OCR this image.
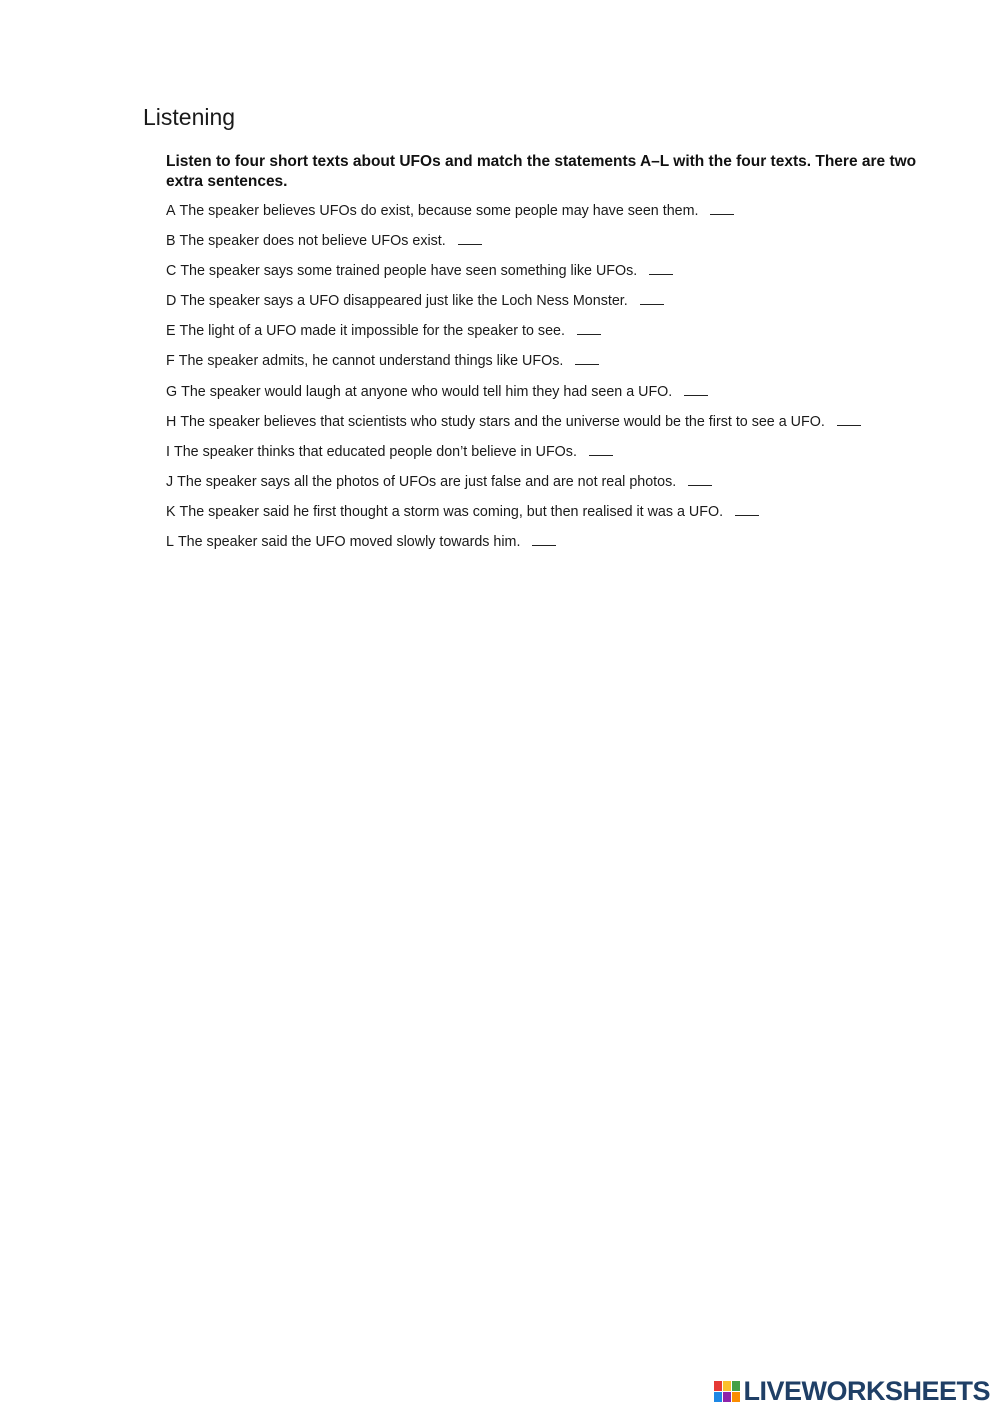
Listening

Listen to four short texts about UFOs and match the statements A–L with the four texts. There are two extra sentences.

A The speaker believes UFOs do exist, because some people may have seen them.
B The speaker does not believe UFOs exist.
C The speaker says some trained people have seen something like UFOs.
D The speaker says a UFO disappeared just like the Loch Ness Monster.
E The light of a UFO made it impossible for the speaker to see.
F The speaker admits, he cannot understand things like UFOs.
G The speaker would laugh at anyone who would tell him they had seen a UFO.
H The speaker believes that scientists who study stars and the universe would be the first to see a UFO.
I The speaker thinks that educated people don’t believe in UFOs.
J The speaker says all the photos of UFOs are just false and are not real photos.
K The speaker said he first thought a storm was coming, but then realised it was a UFO.
L The speaker said the UFO moved slowly towards him.
LIVEWORKSHEETS
